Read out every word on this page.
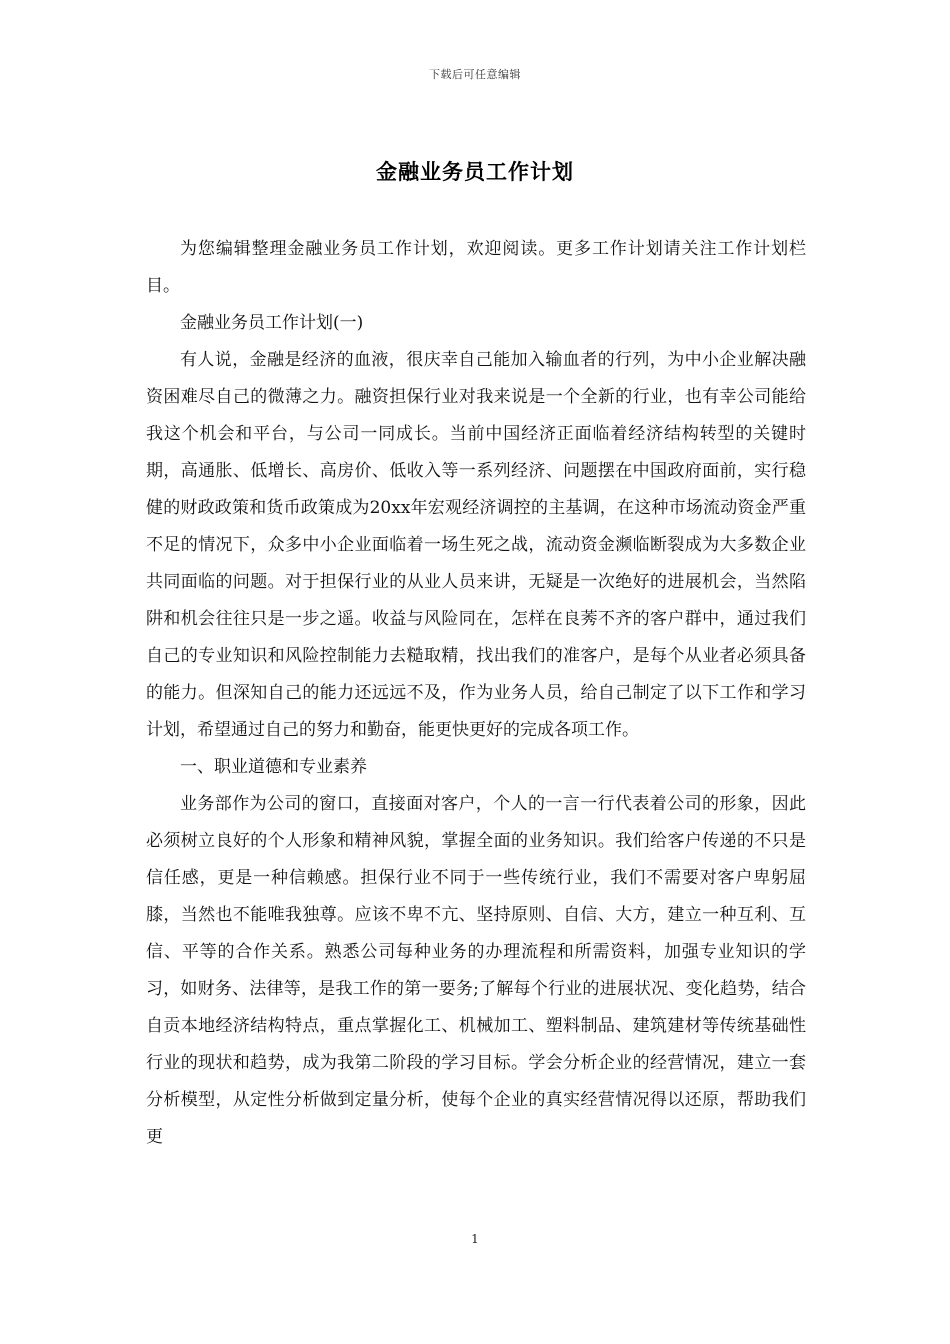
下载后可任意编辑
金融业务员工作计划

为您编辑整理金融业务员工作计划，欢迎阅读。更多工作计划请关注工作计划栏目。

金融业务员工作计划(一)

有人说，金融是经济的血液，很庆幸自己能加入输血者的行列，为中小企业解决融资困难尽自己的微薄之力。融资担保行业对我来说是一个全新的行业，也有幸公司能给我这个机会和平台，与公司一同成长。当前中国经济正面临着经济结构转型的关键时期，高通胀、低增长、高房价、低收入等一系列经济、问题摆在中国政府面前，实行稳健的财政政策和货币政策成为20xx年宏观经济调控的主基调，在这种市场流动资金严重不足的情况下，众多中小企业面临着一场生死之战，流动资金濒临断裂成为大多数企业共同面临的问题。对于担保行业的从业人员来讲，无疑是一次绝好的进展机会，当然陷阱和机会往往只是一步之遥。收益与风险同在，怎样在良莠不齐的客户群中，通过我们自己的专业知识和风险控制能力去糙取精，找出我们的准客户，是每个从业者必须具备的能力。但深知自己的能力还远远不及，作为业务人员，给自己制定了以下工作和学习计划，希望通过自己的努力和勤奋，能更快更好的完成各项工作。

一、职业道德和专业素养

业务部作为公司的窗口，直接面对客户，个人的一言一行代表着公司的形象，因此必须树立良好的个人形象和精神风貌，掌握全面的业务知识。我们给客户传递的不只是信任感，更是一种信赖感。担保行业不同于一些传统行业，我们不需要对客户卑躬屈膝，当然也不能唯我独尊。应该不卑不亢、坚持原则、自信、大方，建立一种互利、互信、平等的合作关系。熟悉公司每种业务的办理流程和所需资料，加强专业知识的学习，如财务、法律等，是我工作的第一要务;了解每个行业的进展状况、变化趋势，结合自贡本地经济结构特点，重点掌握化工、机械加工、塑料制品、建筑建材等传统基础性行业的现状和趋势，成为我第二阶段的学习目标。学会分析企业的经营情况，建立一套分析模型，从定性分析做到定量分析，使每个企业的真实经营情况得以还原，帮助我们更

1
